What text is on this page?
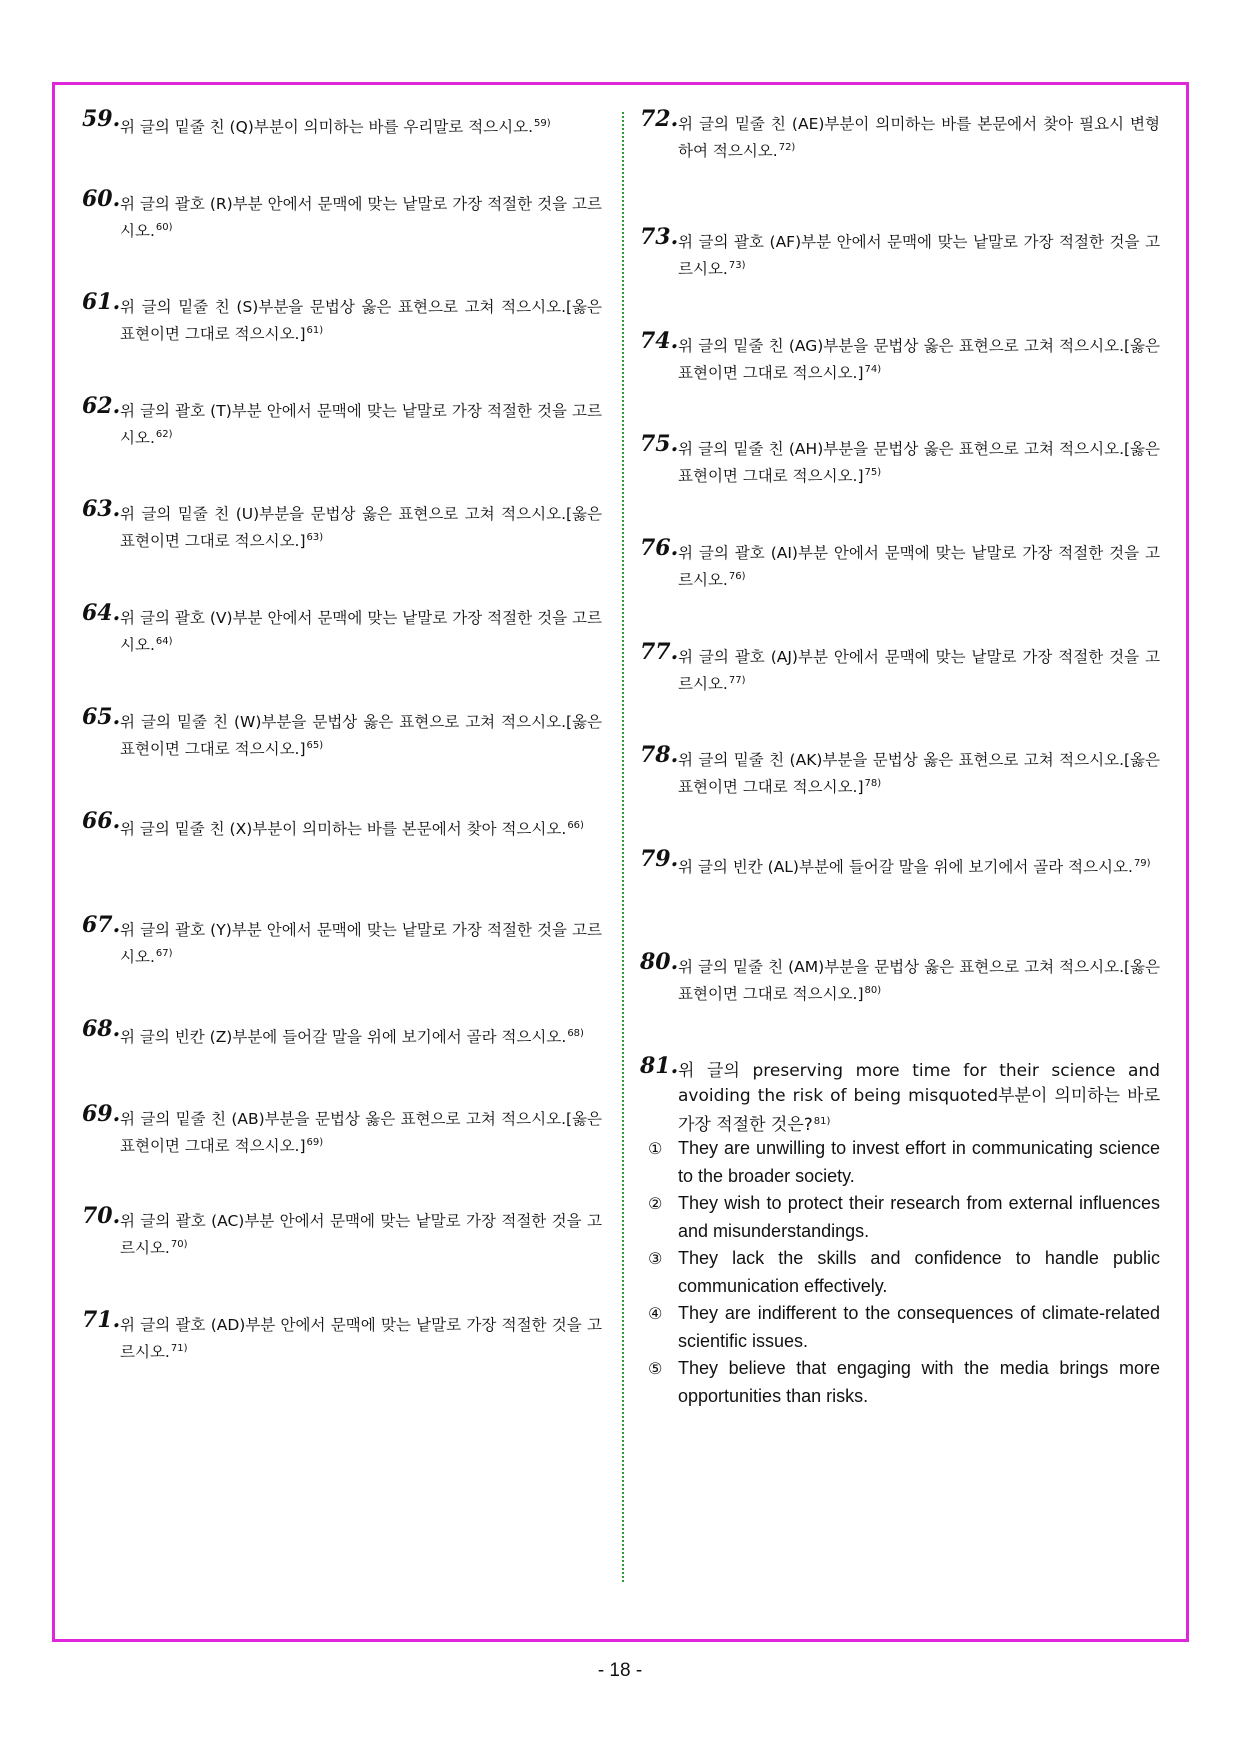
59. 위 글의 밑줄 친 (Q)부분이 의미하는 바를 우리말로 적으시오.$^{59)}$
60. 위 글의 괄호 (R)부분 안에서 문맥에 맞는 낱말로 가장 적절한 것을 고르시오.$^{60)}$
61. 위 글의 밑줄 친 (S)부분을 문법상 옳은 표현으로 고쳐 적으시오.[옳은 표현이면 그대로 적으시오.]$^{61)}$
62. 위 글의 괄호 (T)부분 안에서 문맥에 맞는 낱말로 가장 적절한 것을 고르시오.$^{62)}$
63. 위 글의 밑줄 친 (U)부분을 문법상 옳은 표현으로 고쳐 적으시오.[옳은 표현이면 그대로 적으시오.]$^{63)}$
64. 위 글의 괄호 (V)부분 안에서 문맥에 맞는 낱말로 가장 적절한 것을 고르시오.$^{64)}$
65. 위 글의 밑줄 친 (W)부분을 문법상 옳은 표현으로 고쳐 적으시오.[옳은 표현이면 그대로 적으시오.]$^{65)}$
66. 위 글의 밑줄 친 (X)부분이 의미하는 바를 본문에서 찾아 적으시오.$^{66)}$
67. 위 글의 괄호 (Y)부분 안에서 문맥에 맞는 낱말로 가장 적절한 것을 고르시오.$^{67)}$
68. 위 글의 빈칸 (Z)부분에 들어갈 말을 위에 보기에서 골라 적으시오.$^{68)}$
69. 위 글의 밑줄 친 (AB)부분을 문법상 옳은 표현으로 고쳐 적으시오.[옳은 표현이면 그대로 적으시오.]$^{69)}$
70. 위 글의 괄호 (AC)부분 안에서 문맥에 맞는 낱말로 가장 적절한 것을 고르시오.$^{70)}$
71. 위 글의 괄호 (AD)부분 안에서 문맥에 맞는 낱말로 가장 적절한 것을 고르시오.$^{71)}$
72. 위 글의 밑줄 친 (AE)부분이 의미하는 바를 본문에서 찾아 필요시 변형하여 적으시오.$^{72)}$
73. 위 글의 괄호 (AF)부분 안에서 문맥에 맞는 낱말로 가장 적절한 것을 고르시오.$^{73)}$
74. 위 글의 밑줄 친 (AG)부분을 문법상 옳은 표현으로 고쳐 적으시오.[옳은 표현이면 그대로 적으시오.]$^{74)}$
75. 위 글의 밑줄 친 (AH)부분을 문법상 옳은 표현으로 고쳐 적으시오.[옳은 표현이면 그대로 적으시오.]$^{75)}$
76. 위 글의 괄호 (AI)부분 안에서 문맥에 맞는 낱말로 가장 적절한 것을 고르시오.$^{76)}$
77. 위 글의 괄호 (AJ)부분 안에서 문맥에 맞는 낱말로 가장 적절한 것을 고르시오.$^{77)}$
78. 위 글의 밑줄 친 (AK)부분을 문법상 옳은 표현으로 고쳐 적으시오.[옳은 표현이면 그대로 적으시오.]$^{78)}$
79. 위 글의 빈칸 (AL)부분에 들어갈 말을 위에 보기에서 골라 적으시오.$^{79)}$
80. 위 글의 밑줄 친 (AM)부분을 문법상 옳은 표현으로 고쳐 적으시오.[옳은 표현이면 그대로 적으시오.]$^{80)}$
81. 위 글의 preserving more time for their science and avoiding the risk of being misquoted부분이 의미하는 바로 가장 적절한 것은?$^{81)}$
① They are unwilling to invest effort in communicating science to the broader society.
② They wish to protect their research from external influences and misunderstandings.
③ They lack the skills and confidence to handle public communication effectively.
④ They are indifferent to the consequences of climate-related scientific issues.
⑤ They believe that engaging with the media brings more opportunities than risks.
- 18 -
